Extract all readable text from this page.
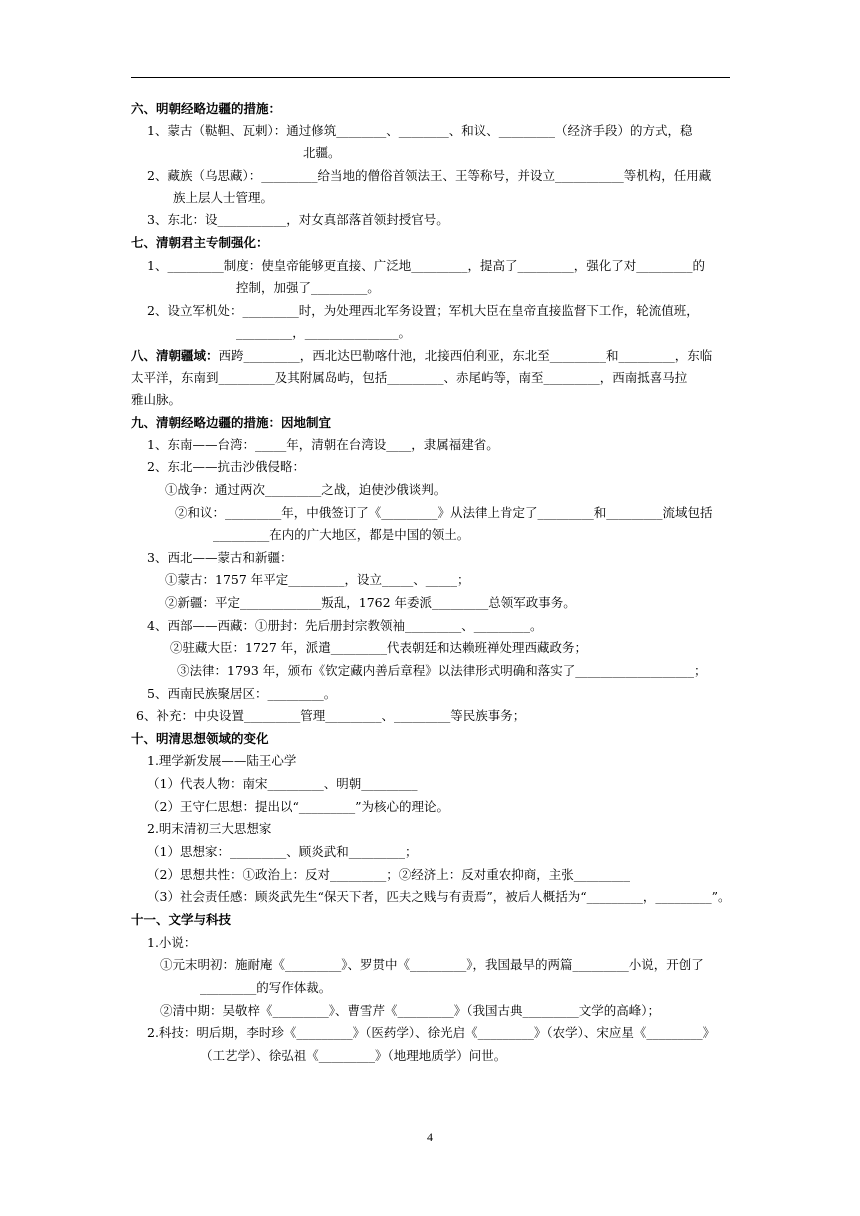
六、明朝经略边疆的措施：
1、蒙古（鞑靼、瓦剌）：通过修筑________、________、和议、_________（经济手段）的方式，稳
北疆。
2、藏族（乌思藏）：_________给当地的僧俗首领法王、王等称号，并设立___________等机构，任用藏
族上层人士管理。
3、东北：设___________，对女真部落首领封授官号。
七、清朝君主专制强化：
1、_________制度：使皇帝能够更直接、广泛地_________，提高了_________，强化了对_________的
控制，加强了_________。
2、设立军机处：_________时，为处理西北军务设置；军机大臣在皇帝直接监督下工作，轮流值班，
_________，_______________。
八、清朝疆域：西跨_________，西北达巴勒喀什池，北接西伯利亚，东北至_________和_________，东临
太平洋，东南到_________及其附属岛屿，包括_________、赤尾屿等，南至_________，西南抵喜马拉
雅山脉。
九、清朝经略边疆的措施：因地制宜
1、东南——台湾：_____年，清朝在台湾设____，隶属福建省。
2、东北——抗击沙俄侵略：
①战争：通过两次_________之战，迫使沙俄谈判。
②和议：_________年，中俄签订了《_________》从法律上肯定了_________和_________流域包括
_________在内的广大地区，都是中国的领土。
3、西北——蒙古和新疆：
①蒙古：1757 年平定_________，设立_____、_____；
②新疆：平定_____________叛乱，1762 年委派_________总领军政事务。
4、西部——西藏：①册封：先后册封宗教领袖_________、_________。
②驻藏大臣：1727 年，派遣_________代表朝廷和达赖班禅处理西藏政务；
③法律：1793 年，颁布《钦定藏内善后章程》以法律形式明确和落实了___________________；
5、西南民族聚居区：_________。
6、补充：中央设置_________管理_________、_________等民族事务；
十、明清思想领域的变化
1.理学新发展——陆王心学
（1）代表人物：南宋_________、明朝_________
（2）王守仁思想：提出以“_________”为核心的理论。
2.明末清初三大思想家
（1）思想家：_________、顾炎武和_________；
（2）思想共性：①政治上：反对_________；②经济上：反对重农抑商，主张_________
（3）社会责任感：顾炎武先生“保天下者，匹夫之贱与有责焉”，被后人概括为“_________，_________”。
十一、文学与科技
1.小说：
①元末明初：施耐庵《_________》、罗贯中《_________》，我国最早的两篇_________小说，开创了
_________的写作体裁。
②清中期：吴敬梓《_________》、曹雪芹《_________》（我国古典_________文学的高峰）；
2.科技：明后期，李时珍《_________》（医药学）、徐光启《_________》（农学）、宋应星《_________》
（工艺学）、徐弘祖《_________》（地理地质学）问世。
4
